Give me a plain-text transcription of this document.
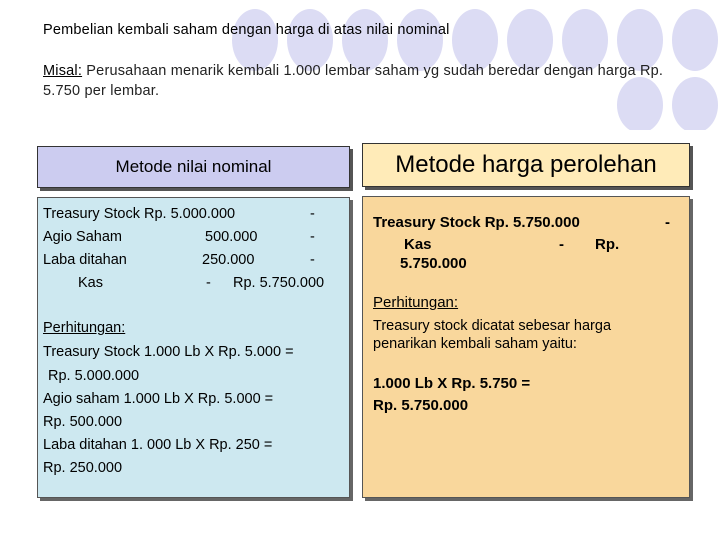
Pembelian kembali saham dengan harga di atas nilai nominal
Misal: Perusahaan menarik kembali 1.000 lembar saham yg sudah beredar dengan harga Rp. 5.750 per lembar.
Metode nilai nominal
Treasury Stock Rp. 5.000.000	-
Agio Saham	500.000	-
Laba ditahan	250.000	-
Kas	- Rp. 5.750.000
Perhitungan:
Treasury Stock 1.000 Lb X Rp. 5.000 =
Rp. 5.000.000
Agio saham 1.000 Lb X Rp. 5.000 =
Rp. 500.000
Laba ditahan 1. 000 Lb X Rp. 250 =
Rp. 250.000
Metode harga perolehan
Treasury Stock Rp. 5.750.000	-
Kas	- Rp.
5.750.000
Perhitungan:
Treasury stock dicatat sebesar harga
penarikan kembali saham yaitu:
1.000 Lb X Rp. 5.750 =
Rp. 5.750.000
